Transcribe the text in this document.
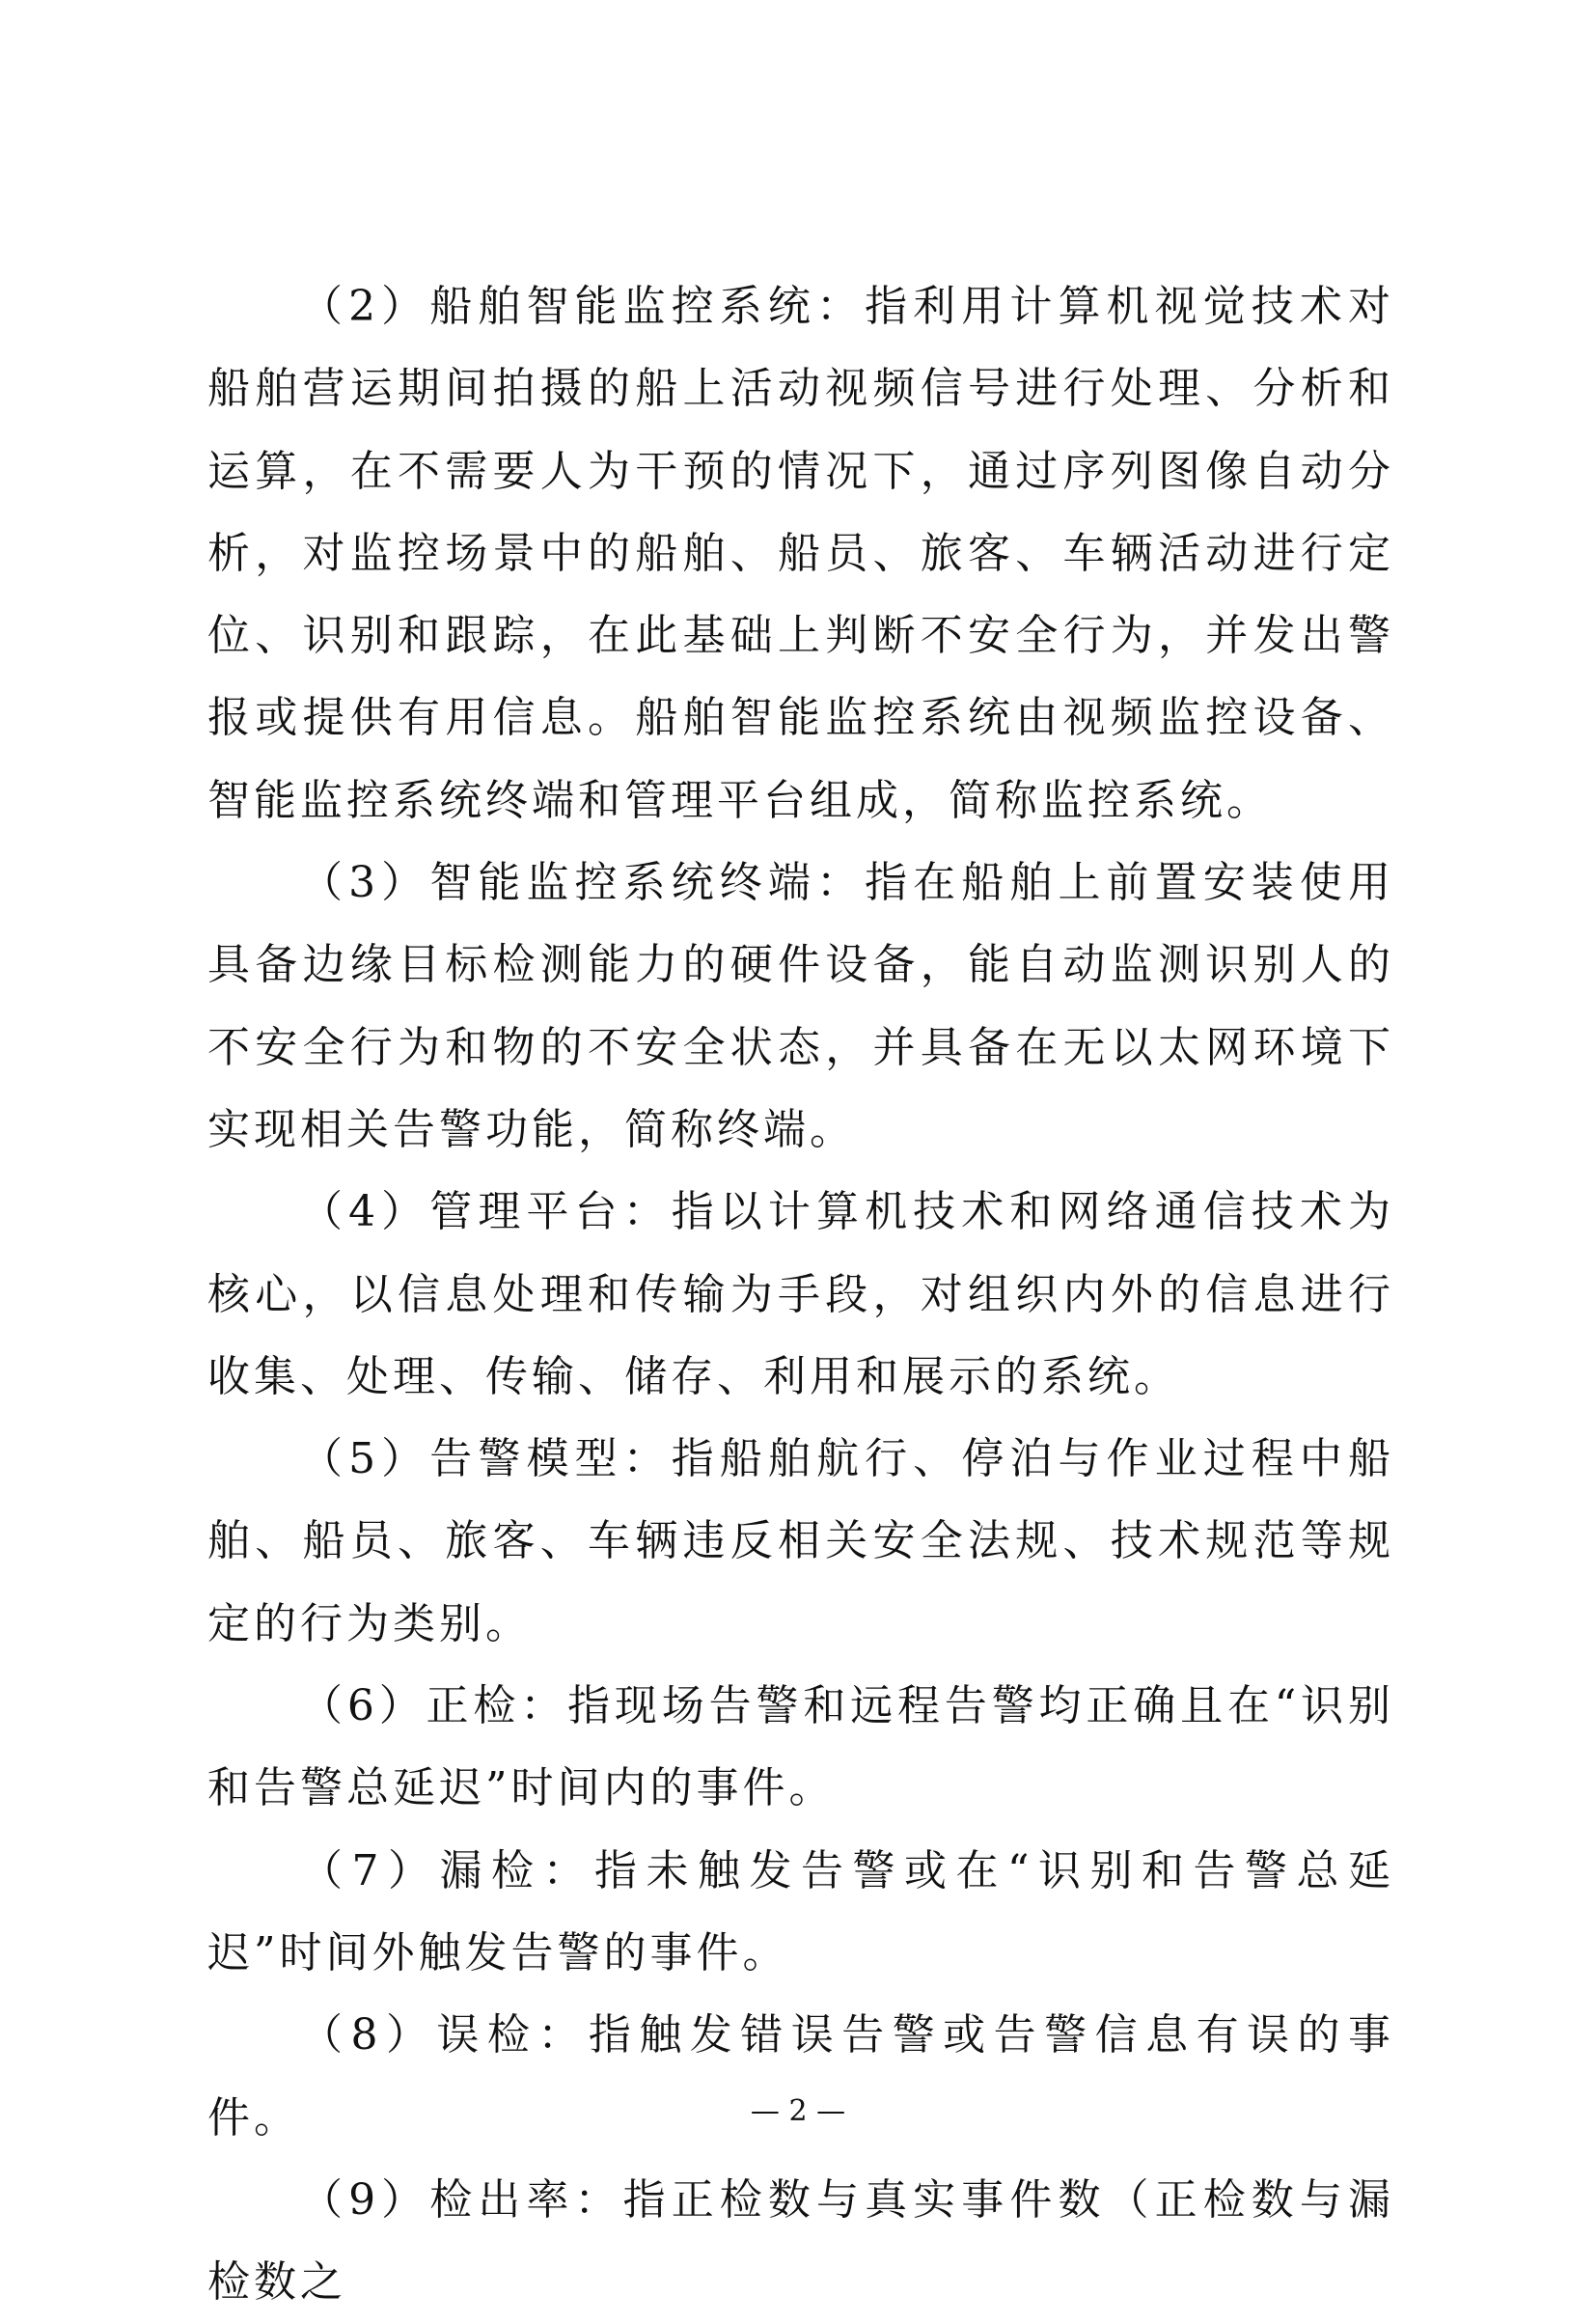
（2）船舶智能监控系统：指利用计算机视觉技术对船舶营运期间拍摄的船上活动视频信号进行处理、分析和运算，在不需要人为干预的情况下，通过序列图像自动分析，对监控场景中的船舶、船员、旅客、车辆活动进行定位、识别和跟踪，在此基础上判断不安全行为，并发出警报或提供有用信息。船舶智能监控系统由视频监控设备、智能监控系统终端和管理平台组成，简称监控系统。

（3）智能监控系统终端：指在船舶上前置安装使用具备边缘目标检测能力的硬件设备，能自动监测识别人的不安全行为和物的不安全状态，并具备在无以太网环境下实现相关告警功能，简称终端。

（4）管理平台：指以计算机技术和网络通信技术为核心，以信息处理和传输为手段，对组织内外的信息进行收集、处理、传输、储存、利用和展示的系统。

（5）告警模型：指船舶航行、停泊与作业过程中船舶、船员、旅客、车辆违反相关安全法规、技术规范等规定的行为类别。

（6）正检：指现场告警和远程告警均正确且在“识别和告警总延迟”时间内的事件。

（7）漏检：指未触发告警或在“识别和告警总延迟”时间外触发告警的事件。

（8）误检：指触发错误告警或告警信息有误的事件。

（9）检出率：指正检数与真实事件数（正检数与漏检数之

— 2 —
